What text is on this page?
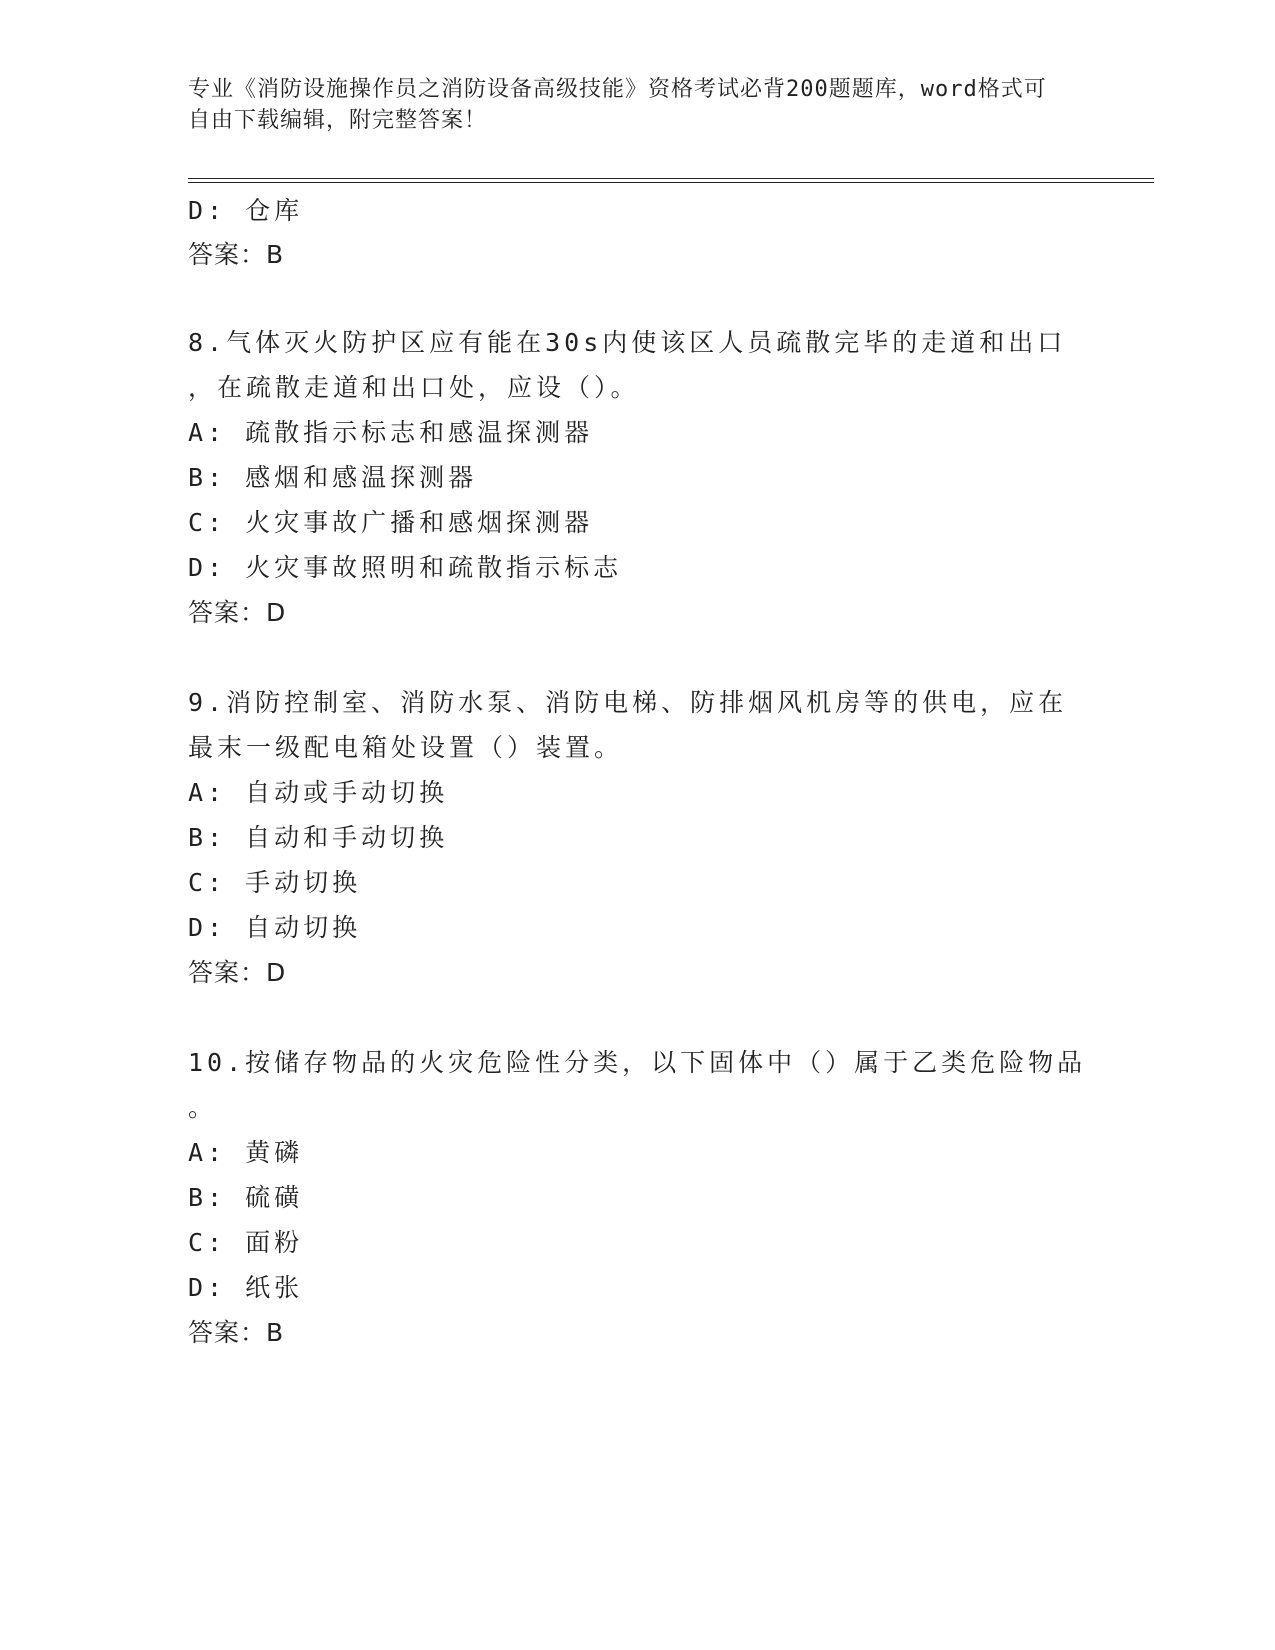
专业《消防设施操作员之消防设备高级技能》资格考试必背200题题库，word格式可自由下载编辑，附完整答案！
D: 仓库
答案：B
8.气体灭火防护区应有能在30s内使该区人员疏散完毕的走道和出口
，在疏散走道和出口处，应设（）。
A: 疏散指示标志和感温探测器
B: 感烟和感温探测器
C: 火灾事故广播和感烟探测器
D: 火灾事故照明和疏散指示标志
答案：D
9.消防控制室、消防水泵、消防电梯、防排烟风机房等的供电，应在
最末一级配电箱处设置（）装置。
A: 自动或手动切换
B: 自动和手动切换
C: 手动切换
D: 自动切换
答案：D
10.按储存物品的火灾危险性分类，以下固体中（）属于乙类危险物品
。
A: 黄磷
B: 硫磺
C: 面粉
D: 纸张
答案：B
